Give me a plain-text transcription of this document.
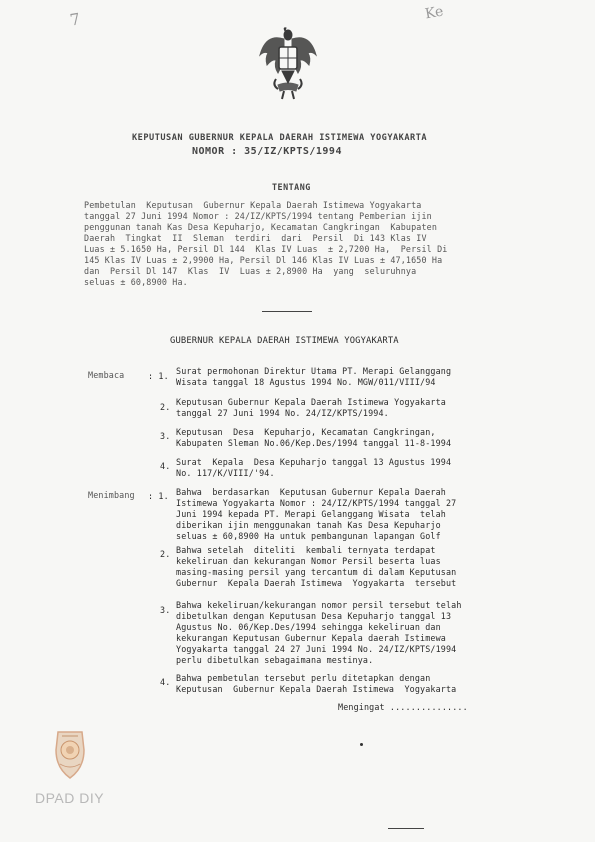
7	Ke
KEPUTUSAN GUBERNUR KEPALA DAERAH ISTIMEWA YOGYAKARTA
NOMOR : 35/IZ/KPTS/1994
TENTANG
Pembetulan  Keputusan  Gubernur Kepala Daerah Istimewa Yogyakarta
tanggal 27 Juni 1994 Nomor : 24/IZ/KPTS/1994 tentang Pemberian ijin
penggunan tanah Kas Desa Kepuharjo, Kecamatan Cangkringan  Kabupaten
Daerah  Tingkat  II  Sleman  terdiri  dari  Persil  Di 143 Klas IV
Luas ± 5.1650 Ha, Persil Dl 144  Klas IV Luas  ± 2,7200 Ha,  Persil Di
145 Klas IV Luas ± 2,9900 Ha, Persil Dl 146 Klas IV Luas ± 47,1650 Ha
dan  Persil Dl 147  Klas  IV  Luas ± 2,8900 Ha  yang  seluruhnya
seluas ± 60,8900 Ha.
GUBERNUR KEPALA DAERAH ISTIMEWA YOGYAKARTA
Membaca	: 1. Surat permohonan Direktur Utama PT. Merapi Gelanggang
Wisata tanggal 18 Agustus 1994 No. MGW/011/VIII/94
2. Keputusan Gubernur Kepala Daerah Istimewa Yogyakarta
tanggal 27 Juni 1994 No. 24/IZ/KPTS/1994.
3. Keputusan  Desa  Kepuharjo, Kecamatan Cangkringan,
Kabupaten Sleman No.06/Kep.Des/1994 tanggal 11-8-1994
4. Surat  Kepala  Desa Kepuharjo tanggal 13 Agustus 1994
No. 117/K/VIII/'94.
Menimbang : 1. Bahwa  berdasarkan  Keputusan Gubernur Kepala Daerah
Istimewa Yogyakarta Nomor : 24/IZ/KPTS/1994 tanggal 27
Juni 1994 kepada PT. Merapi Gelanggang Wisata  telah
diberikan ijin menggunakan tanah Kas Desa Kepuharjo
seluas ± 60,8900 Ha untuk pembangunan lapangan Golf
2. Bahwa setelah  diteliti  kembali ternyata terdapat
kekeliruan dan kekurangan Nomor Persil beserta luas
masing-masing persil yang tercantum di dalam Keputusan
Gubernur  Kepala Daerah Istimewa  Yogyakarta  tersebut
3. Bahwa kekeliruan/kekurangan nomor persil tersebut telah
dibetulkan dengan Keputusan Desa Kepuharjo tanggal 13
Agustus No. 06/Kep.Des/1994 sehingga kekeliruan dan
kekurangan Keputusan Gubernur Kepala daerah Istimewa
Yogyakarta tanggal 24 27 Juni 1994 No. 24/IZ/KPTS/1994
perlu dibetulkan sebagaimana mestinya.
4. Bahwa pembetulan tersebut perlu ditetapkan dengan
Keputusan  Gubernur Kepala Daerah Istimewa  Yogyakarta
Mengingat ...............
DPAD DIY
